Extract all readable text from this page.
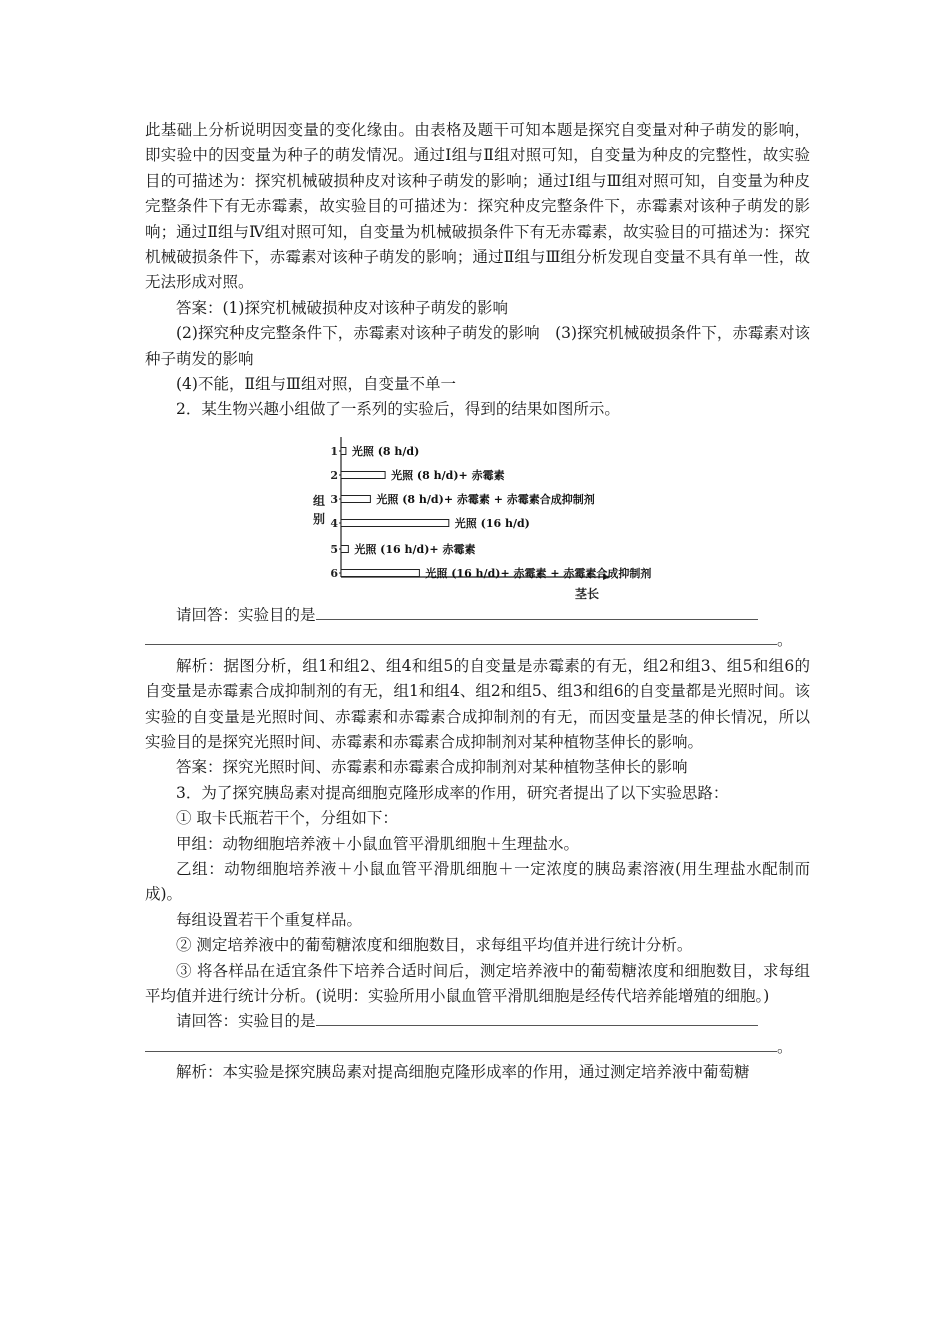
此基础上分析说明因变量的变化缘由。由表格及题干可知本题是探究自变量对种子萌发的影响，即实验中的因变量为种子的萌发情况。通过Ⅰ组与Ⅱ组对照可知，自变量为种皮的完整性，故实验目的可描述为：探究机械破损种皮对该种子萌发的影响；通过Ⅰ组与Ⅲ组对照可知，自变量为种皮完整条件下有无赤霉素，故实验目的可描述为：探究种皮完整条件下，赤霉素对该种子萌发的影响；通过Ⅱ组与Ⅳ组对照可知，自变量为机械破损条件下有无赤霉素，故实验目的可描述为：探究机械破损条件下，赤霉素对该种子萌发的影响；通过Ⅱ组与Ⅲ组分析发现自变量不具有单一性，故无法形成对照。

答案：(1)探究机械破损种皮对该种子萌发的影响

(2)探究种皮完整条件下，赤霉素对该种子萌发的影响　(3)探究机械破损条件下，赤霉素对该种子萌发的影响

(4)不能，Ⅱ组与Ⅲ组对照，自变量不单一

2．某生物兴趣小组做了一系列的实验后，得到的结果如图所示。

组
别
茎长
1 光照 (8 h/d)
2	光照 (8 h/d)+ 赤霉素
3	光照 (8 h/d)+ 赤霉素 + 赤霉素合成抑制剂
4	光照 (16 h/d)
5 光照 (16 h/d)+ 赤霉素
6	光照 (16 h/d)+ 赤霉素 + 赤霉素合成抑制剂

请回答：实验目的是

。

解析：据图分析，组1和组2、组4和组5的自变量是赤霉素的有无，组2和组3、组5和组6的自变量是赤霉素合成抑制剂的有无，组1和组4、组2和组5、组3和组6的自变量都是光照时间。该实验的自变量是光照时间、赤霉素和赤霉素合成抑制剂的有无，而因变量是茎的伸长情况，所以实验目的是探究光照时间、赤霉素和赤霉素合成抑制剂对某种植物茎伸长的影响。

答案：探究光照时间、赤霉素和赤霉素合成抑制剂对某种植物茎伸长的影响

3．为了探究胰岛素对提高细胞克隆形成率的作用，研究者提出了以下实验思路：

① 取卡氏瓶若干个，分组如下：

甲组：动物细胞培养液＋小鼠血管平滑肌细胞＋生理盐水。

乙组：动物细胞培养液＋小鼠血管平滑肌细胞＋一定浓度的胰岛素溶液(用生理盐水配制而成)。

每组设置若干个重复样品。

② 测定培养液中的葡萄糖浓度和细胞数目，求每组平均值并进行统计分析。

③ 将各样品在适宜条件下培养合适时间后，测定培养液中的葡萄糖浓度和细胞数目，求每组平均值并进行统计分析。(说明：实验所用小鼠血管平滑肌细胞是经传代培养能增殖的细胞。)

请回答：实验目的是

。

解析：本实验是探究胰岛素对提高细胞克隆形成率的作用，通过测定培养液中葡萄糖
